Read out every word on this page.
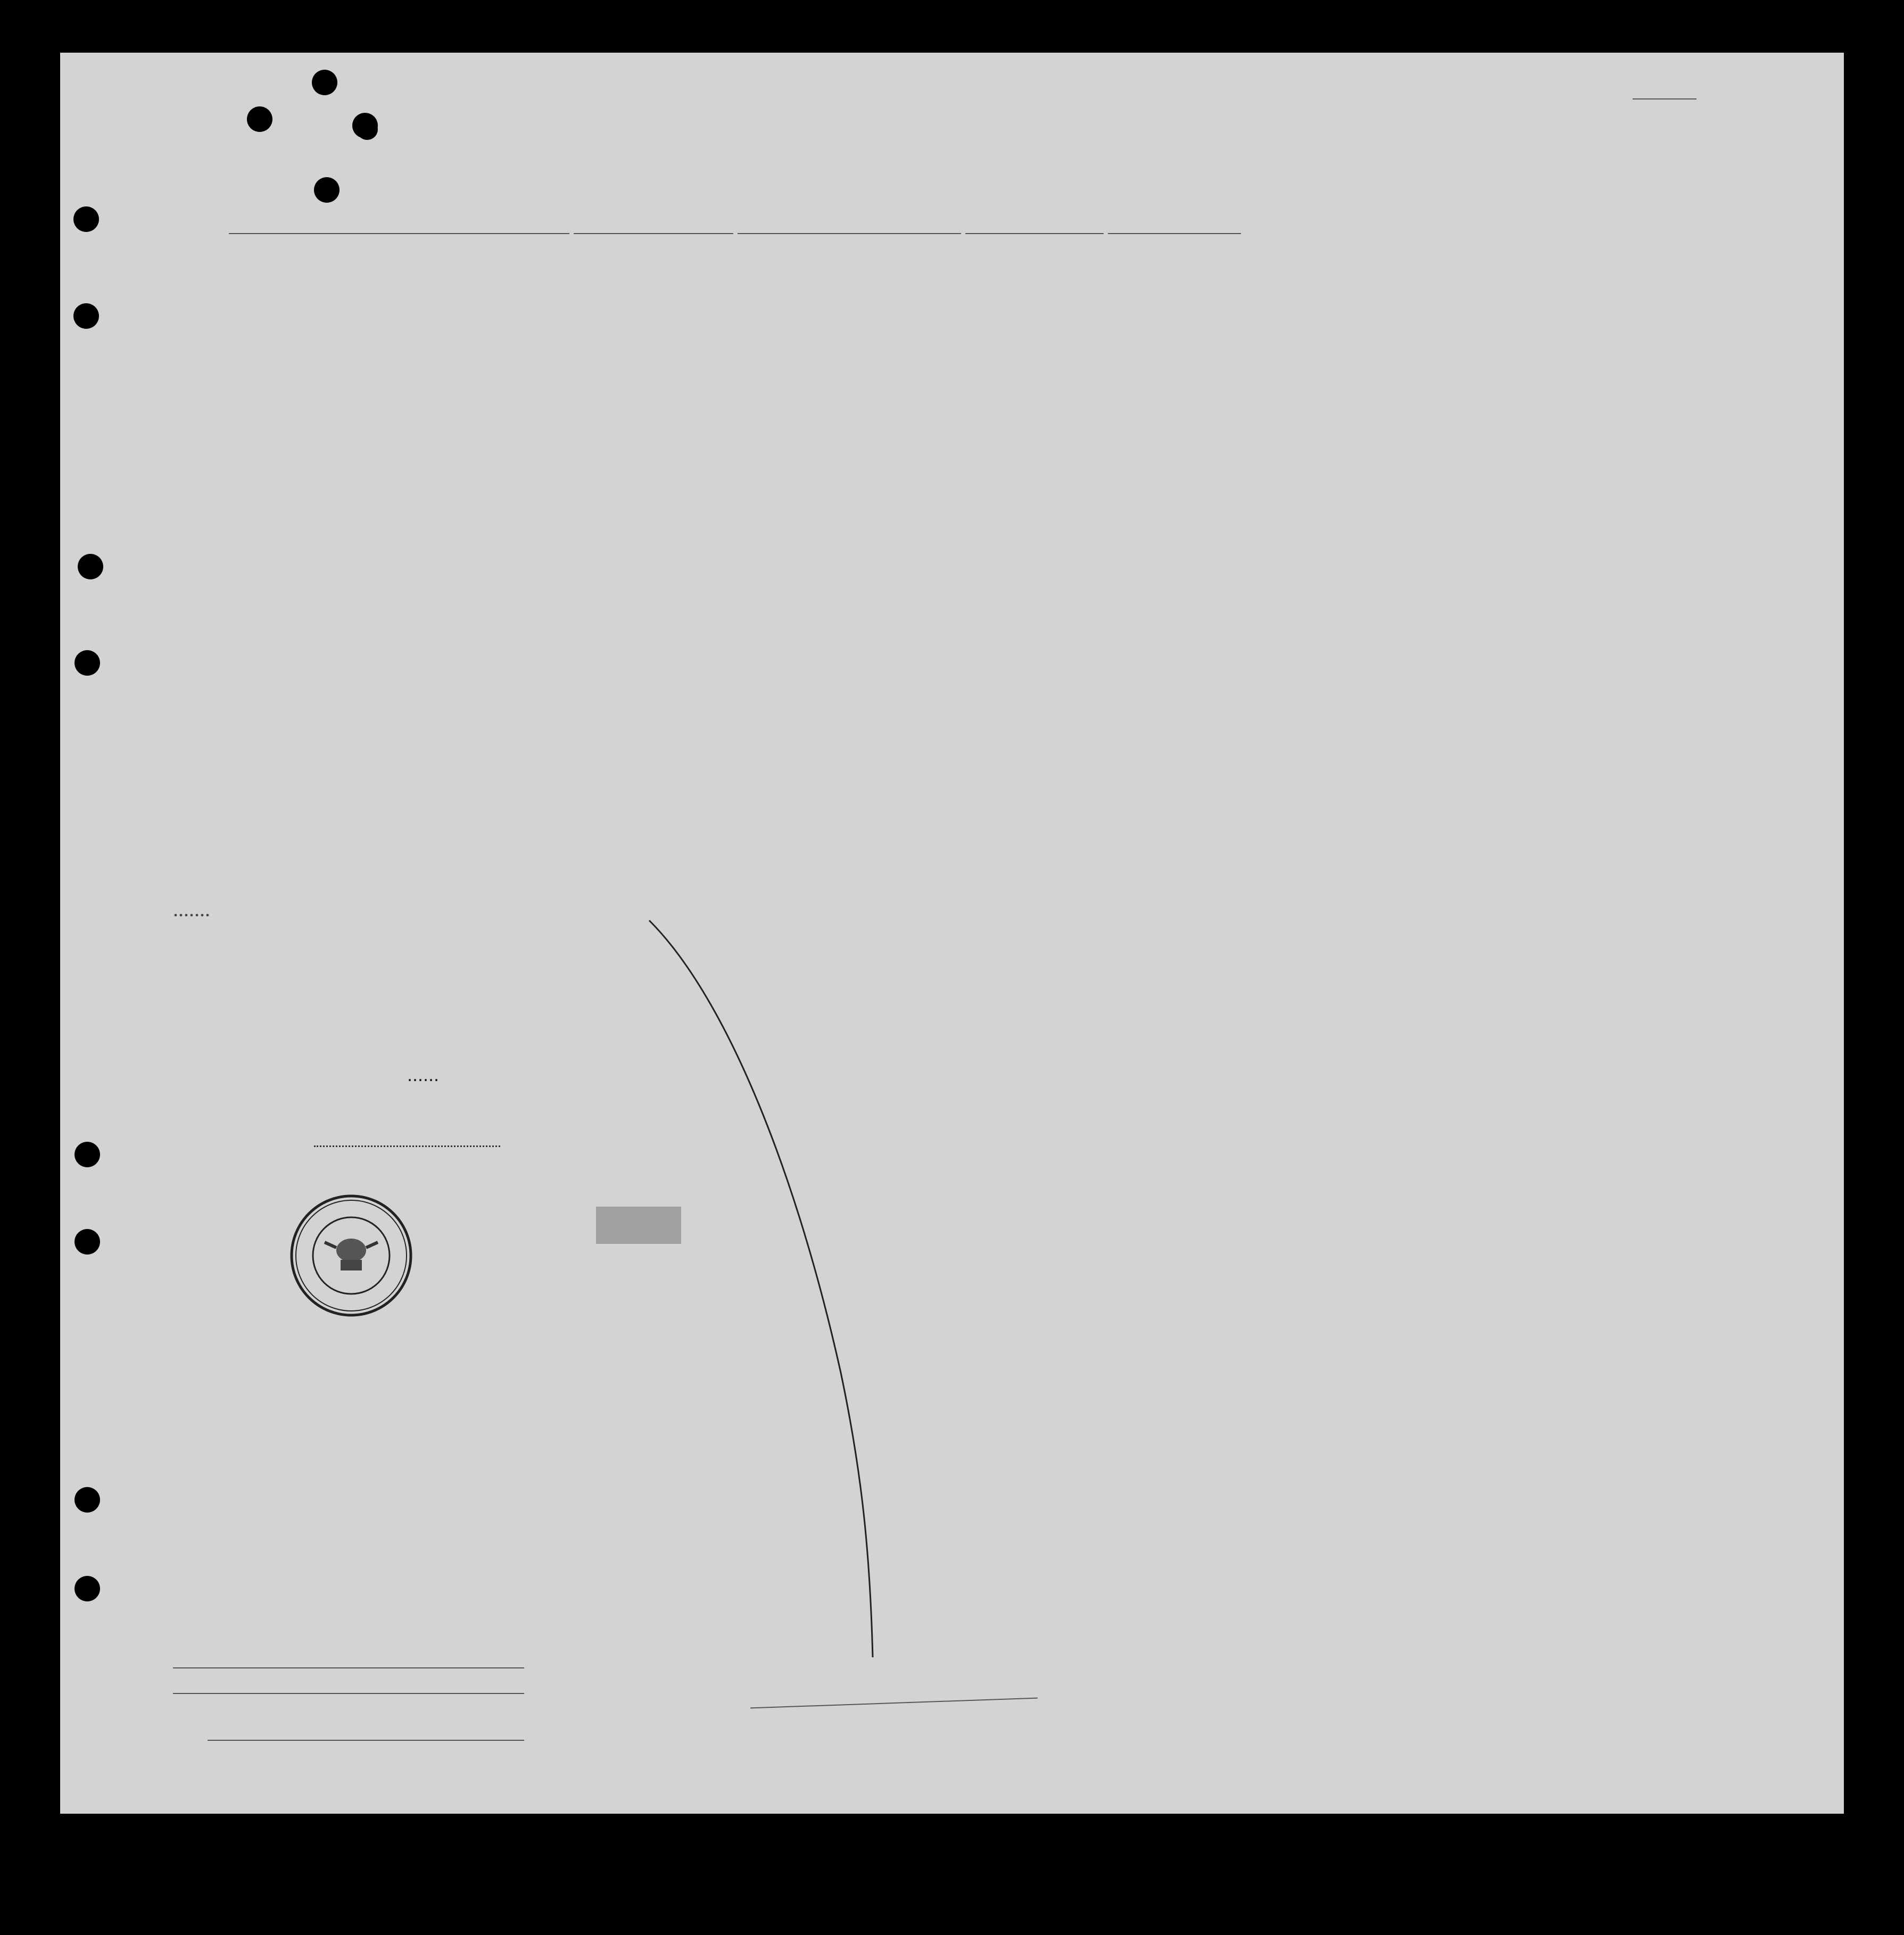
.......
......
